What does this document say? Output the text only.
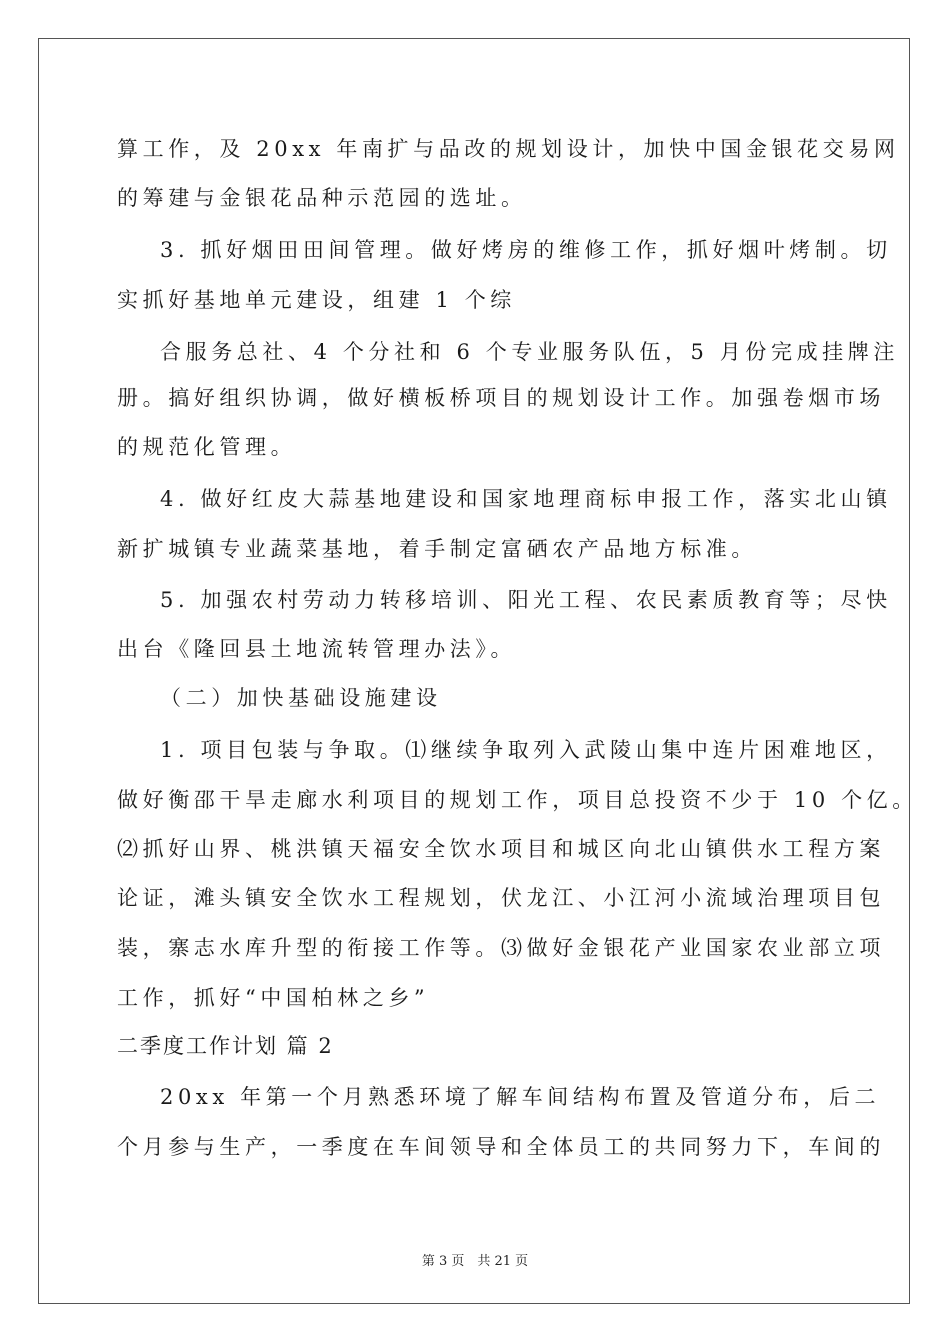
算工作，及 20xx 年南扩与品改的规划设计，加快中国金银花交易网
的筹建与金银花品种示范园的选址。
3. 抓好烟田田间管理。做好烤房的维修工作，抓好烟叶烤制。切
实抓好基地单元建设，组建 1 个综
合服务总社、4 个分社和 6 个专业服务队伍，5 月份完成挂牌注
册。搞好组织协调，做好横板桥项目的规划设计工作。加强卷烟市场
的规范化管理。
4. 做好红皮大蒜基地建设和国家地理商标申报工作，落实北山镇
新扩城镇专业蔬菜基地，着手制定富硒农产品地方标准。
5. 加强农村劳动力转移培训、阳光工程、农民素质教育等；尽快
出台《隆回县土地流转管理办法》。
（二）加快基础设施建设
1. 项目包装与争取。⑴继续争取列入武陵山集中连片困难地区，
做好衡邵干旱走廊水利项目的规划工作，项目总投资不少于 10 个亿。
⑵抓好山界、桃洪镇天福安全饮水项目和城区向北山镇供水工程方案
论证，滩头镇安全饮水工程规划，伏龙江、小江河小流域治理项目包
装，寨志水库升型的衔接工作等。⑶做好金银花产业国家农业部立项
工作，抓好“中国柏林之乡”
二季度工作计划 篇 2
20xx 年第一个月熟悉环境了解车间结构布置及管道分布，后二
个月参与生产，一季度在车间领导和全体员工的共同努力下，车间的
第 3 页　共 21 页
